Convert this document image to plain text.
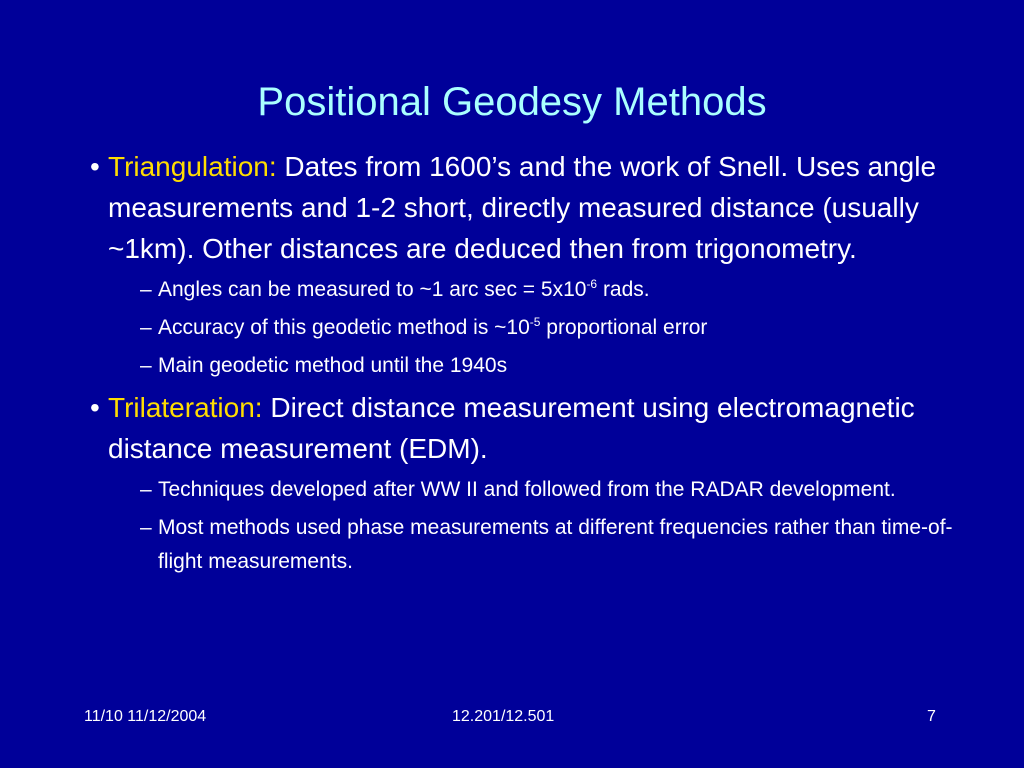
Positional Geodesy Methods
• Triangulation: Dates from 1600’s and the work of Snell. Uses angle measurements and 1-2 short, directly measured distance (usually ~1km). Other distances are deduced then from trigonometry.
– Angles can be measured to ~1 arc $\sec = 5x10^{-6}$ rads.
– Accuracy of this geodetic method is $\sim 10^{-5}$ proportional error
– Main geodetic method until the 1940s
• Trilateration: Direct distance measurement using electromagnetic distance measurement (EDM).
– Techniques developed after WW II and followed from the RADAR development.
– Most methods used phase measurements at different frequencies rather than time-of-flight measurements.
11/10 11/12/2004	12.201/12.501	7
